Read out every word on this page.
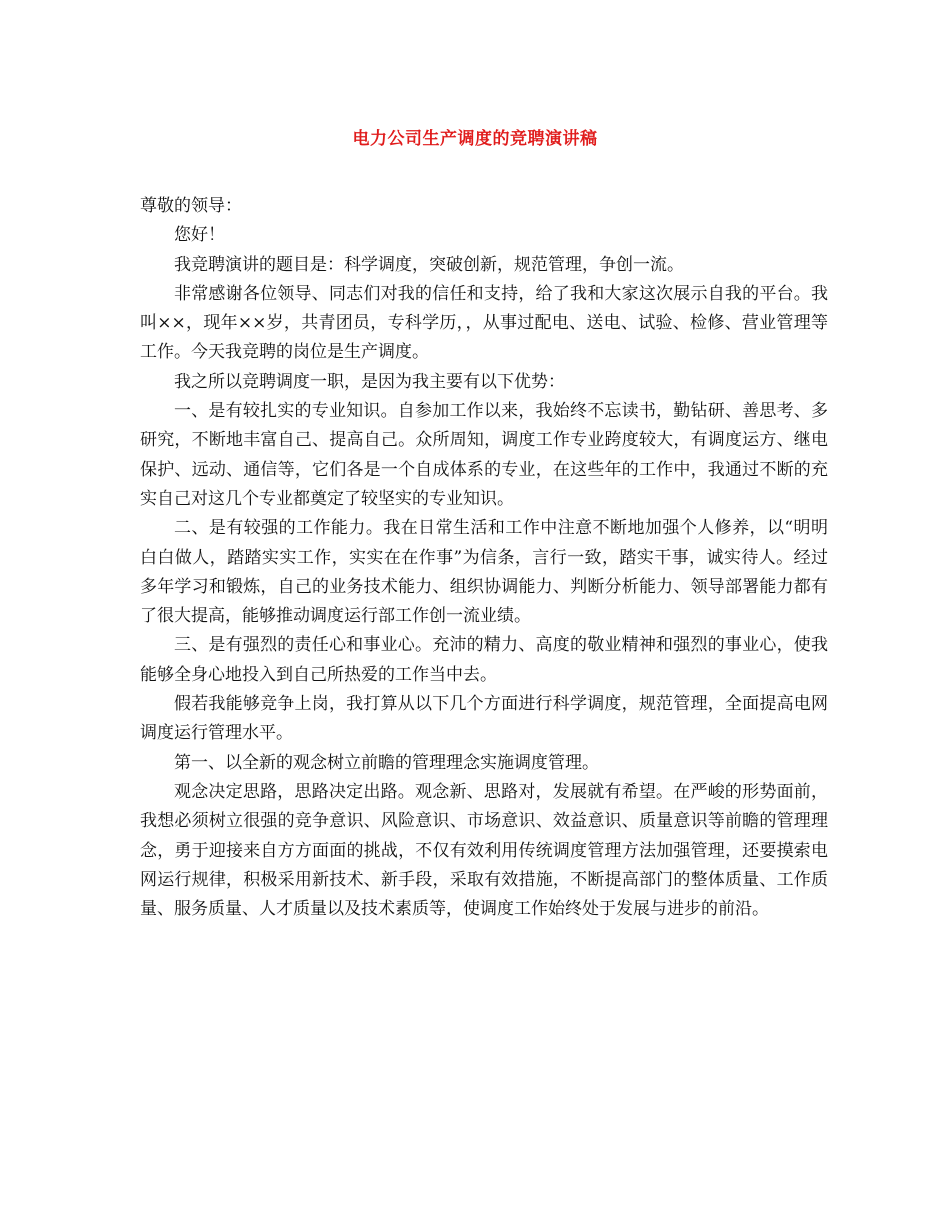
电力公司生产调度的竞聘演讲稿

尊敬的领导：

您好！

我竞聘演讲的题目是：科学调度，突破创新，规范管理，争创一流。

非常感谢各位领导、同志们对我的信任和支持，给了我和大家这次展示自我的平台。我叫××，现年××岁，共青团员，专科学历，，从事过配电、送电、试验、检修、营业管理等工作。今天我竞聘的岗位是生产调度。

我之所以竞聘调度一职，是因为我主要有以下优势：

一、是有较扎实的专业知识。自参加工作以来，我始终不忘读书，勤钻研、善思考、多研究，不断地丰富自己、提高自己。众所周知，调度工作专业跨度较大，有调度运方、继电保护、远动、通信等，它们各是一个自成体系的专业，在这些年的工作中，我通过不断的充实自己对这几个专业都奠定了较坚实的专业知识。

二、是有较强的工作能力。我在日常生活和工作中注意不断地加强个人修养，以“明明白白做人，踏踏实实工作，实实在在作事”为信条，言行一致，踏实干事，诚实待人。经过多年学习和锻炼，自己的业务技术能力、组织协调能力、判断分析能力、领导部署能力都有了很大提高，能够推动调度运行部工作创一流业绩。

三、是有强烈的责任心和事业心。充沛的精力、高度的敬业精神和强烈的事业心，使我能够全身心地投入到自己所热爱的工作当中去。

假若我能够竞争上岗，我打算从以下几个方面进行科学调度，规范管理，全面提高电网调度运行管理水平。

第一、以全新的观念树立前瞻的管理理念实施调度管理。

观念决定思路，思路决定出路。观念新、思路对，发展就有希望。在严峻的形势面前，我想必须树立很强的竞争意识、风险意识、市场意识、效益意识、质量意识等前瞻的管理理念，勇于迎接来自方方面面的挑战，不仅有效利用传统调度管理方法加强管理，还要摸索电网运行规律，积极采用新技术、新手段，采取有效措施，不断提高部门的整体质量、工作质量、服务质量、人才质量以及技术素质等，使调度工作始终处于发展与进步的前沿。
